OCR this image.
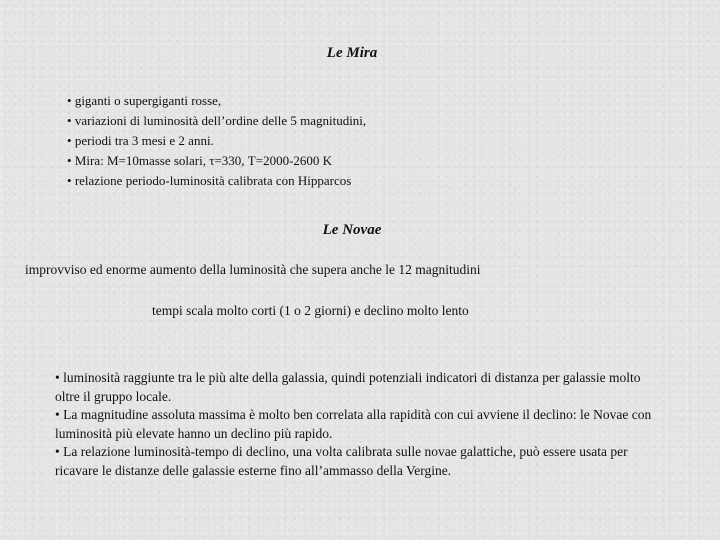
Le Mira
• giganti o supergiganti rosse,
• variazioni di luminosità dell’ordine delle 5 magnitudini,
• periodi tra 3 mesi e 2 anni.
• Mira: M=10masse solari, τ=330, T=2000-2600 K
• relazione periodo-luminosità calibrata con Hipparcos
Le Novae

improvviso ed enorme aumento della luminosità che supera anche le 12 magnitudini

tempi scala molto corti (1 o 2 giorni) e declino molto lento

• luminosità raggiunte tra le più alte della galassia, quindi potenziali indicatori di distanza per galassie molto oltre il gruppo locale.

• La magnitudine assoluta massima è molto ben correlata alla rapidità con cui avviene il declino: le Novae con luminosità più elevate hanno un declino più rapido.

• La relazione luminosità-tempo di declino, una volta calibrata sulle novae galattiche, può essere usata per ricavare le distanze delle galassie esterne fino all’ammasso della Vergine.
